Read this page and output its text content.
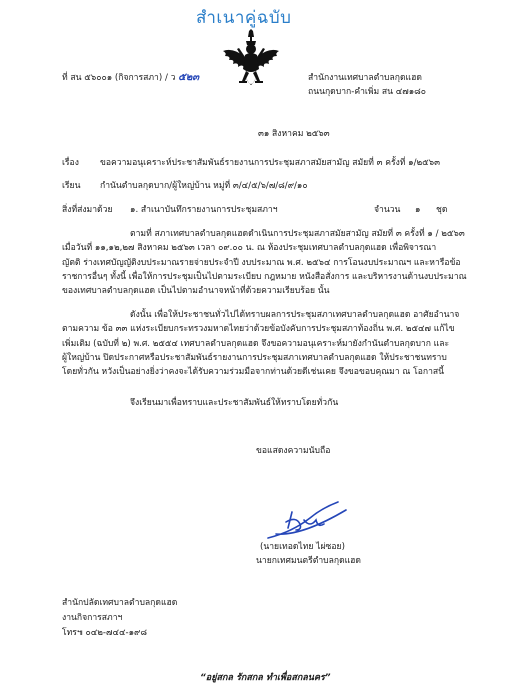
สำเนาคู่ฉบับ
ที่ สน ๕๖๐๐๑ (กิจการสภา) / ว ๕๒๓	สำนักงานเทศบาลตำบลกุดแฮด
ถนนกุดบาก-คำเพิ่ม สน ๔๗๑๘๐
๓๑ สิงหาคม ๒๕๖๓
เรื่อง ขอความอนุเคราะห์ประชาสัมพันธ์รายงานการประชุมสภาสมัยสามัญ สมัยที่ ๓ ครั้งที่ ๑/๒๕๖๓
เรียน กำนันตำบลกุดบาก/ผู้ใหญ่บ้าน หมู่ที่ ๓/๔/๕/๖/๗/๘/๙/๑๐
สิ่งที่ส่งมาด้วย ๑. สำเนาบันทึกรายงานการประชุมสภาฯ	จำนวน ๑ ชุด
ตามที่ สภาเทศบาลตำบลกุดแฮดดำเนินการประชุมสภาสมัยสามัญ สมัยที่ ๓ ครั้งที่ ๑ / ๒๕๖๓
เมื่อวันที่ ๑๑,๑๒,๒๗ สิงหาคม ๒๕๖๓ เวลา ๐๙.๐๐ น. ณ ห้องประชุมเทศบาลตำบลกุดแฮด เพื่อพิจารณา
ญัตติ ร่างเทศบัญญัติงบประมาณรายจ่ายประจำปี งบประมาณ พ.ศ. ๒๕๖๔ การโอนงบประมาณฯ และหารือข้อ
ราชการอื่นๆ ทั้งนี้ เพื่อให้การประชุมเป็นไปตามระเบียบ กฎหมาย หนังสือสั่งการ และบริหารงานด้านงบประมาณ
ของเทศบาลตำบลกุดแฮด เป็นไปตามอำนาจหน้าที่ด้วยความเรียบร้อย นั้น
ดังนั้น เพื่อให้ประชาชนทั่วไปได้ทราบผลการประชุมสภาเทศบาลตำบลกุดแฮด อาศัยอำนาจ
ตามความ ข้อ ๓๓ แห่งระเบียบกระทรวงมหาดไทยว่าด้วยข้อบังคับการประชุมสภาท้องถิ่น พ.ศ. ๒๕๔๗ แก้ไข
เพิ่มเติม (ฉบับที่ ๒) พ.ศ. ๒๕๕๔ เทศบาลตำบลกุดแฮด จึงขอความอนุเคราะห์มายังกำนันตำบลกุดบาก และ
ผู้ใหญ่บ้าน ปิดประกาศหรือประชาสัมพันธ์รายงานการประชุมสภาเทศบาลตำบลกุดแฮด ให้ประชาชนทราบ
โดยทั่วกัน หวังเป็นอย่างยิ่งว่าคงจะได้รับความร่วมมือจากท่านด้วยดีเช่นเคย จึงขอขอบคุณมา ณ โอกาสนี้
จึงเรียนมาเพื่อทราบและประชาสัมพันธ์ให้ทราบโดยทั่วกัน
ขอแสดงความนับถือ
(นายเทอดไทย ไผ่ซอย)
นายกเทศมนตรีตำบลกุดแฮด
สำนักปลัดเทศบาลตำบลกุดแฮด
งานกิจการสภาฯ
โทร๚ ๐๔๒-๗๔๔-๑๙๘
“อยู่สกล รักสกล ทำเพื่อสกลนคร”
